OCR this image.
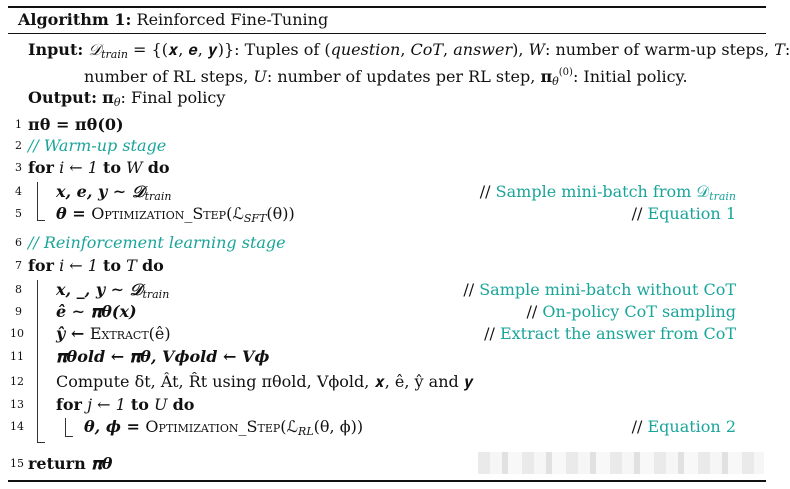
Algorithm 1: Reinforced Fine-Tuning
Input: 𝒟$_{train}$ = {(𝒙, 𝒆, 𝒚)}: Tuples of (question, CoT, answer), W: number of warm-up steps, T:
number of RL steps, U: number of updates per RL step, 𝛑$_\theta^{(0)}$: Initial policy.
Output: 𝛑$_\theta$: Final policy
1 𝛑θ = 𝛑θ(0)
2 // Warm-up stage
3 for i ← 1 to W do
4 𝒙, 𝒆, 𝒚 ∼ 𝒟$_{train}$	// Sample mini-batch from 𝒟$_{train}$
5 θ = Optimization_Step(ℒ$_{SFT}$(θ))	// Equation 1
6 // Reinforcement learning stage
7 for i ← 1 to T do
8 𝒙, _, 𝒚 ∼ 𝒟$_{train}$	// Sample mini-batch without CoT
9 ê ∼ 𝛑θ(𝒙)	// On-policy CoT sampling
10 ŷ ← Extract(ê)	// Extract the answer from CoT
11 𝛑θold ← 𝛑θ, Vϕold ← Vϕ
12 Compute δt, Ât, R̂t using πθold, Vϕold, 𝒙, ê, ŷ and 𝒚
13 for j ← 1 to U do
14	θ, ϕ = Optimization_Step(ℒ$_{RL}$(θ, ϕ))	// Equation 2
15 return 𝛑θ
